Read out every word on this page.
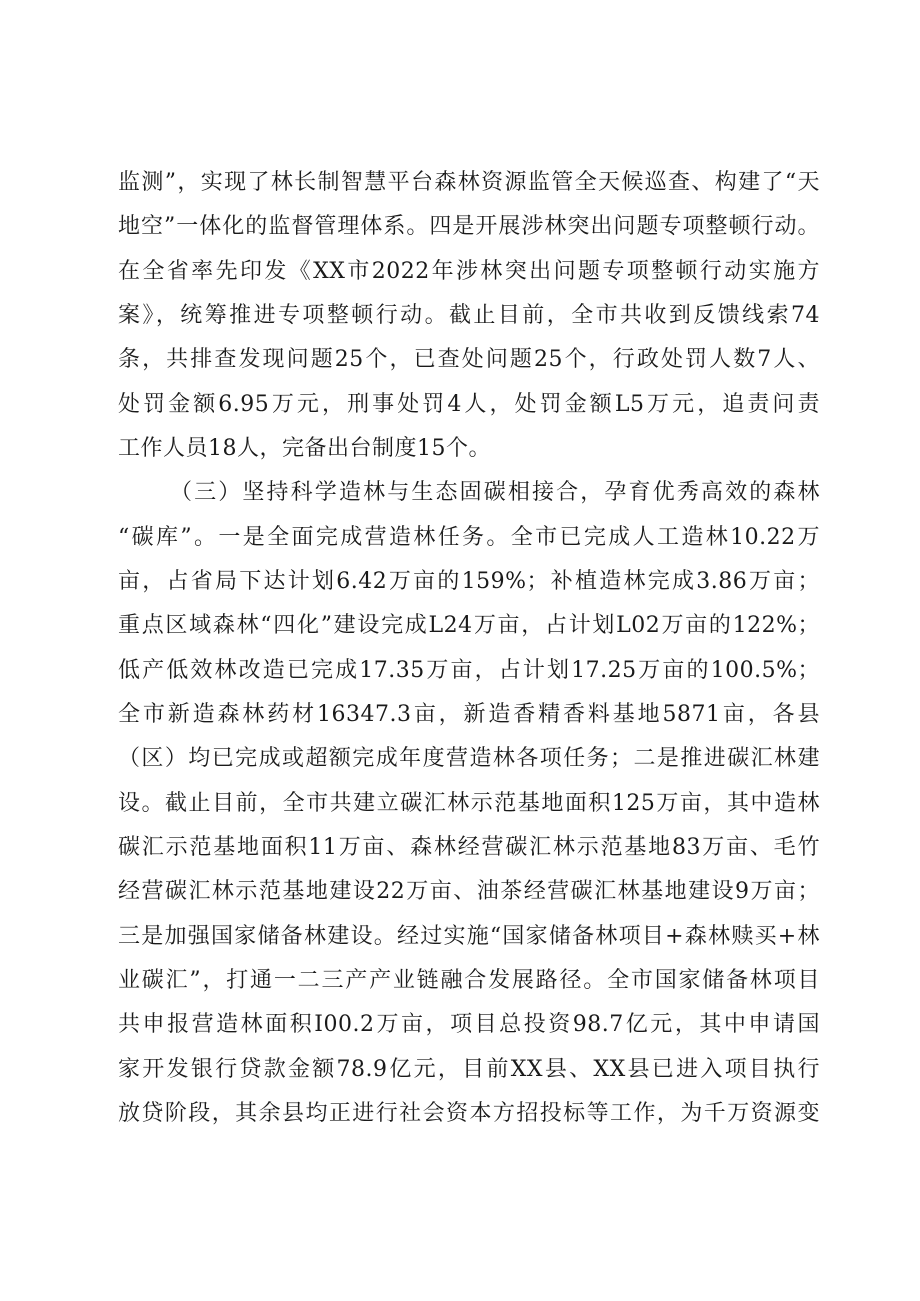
监测”，实现了林长制智慧平台森林资源监管全天候巡查、构建了“天
地空”一体化的监督管理体系。四是开展涉林突出问题专项整顿行动。
在全省率先印发《XX市2022年涉林突出问题专项整顿行动实施方
案》，统筹推进专项整顿行动。截止目前，全市共收到反馈线索74
条，共排查发现问题25个，已查处问题25个，行政处罚人数7人、
处罚金额6.95万元，刑事处罚4人，处罚金额L5万元，追责问责
工作人员18人，完备出台制度15个。
（三）坚持科学造林与生态固碳相接合，孕育优秀高效的森林
“碳库”。一是全面完成营造林任务。全市已完成人工造林10.22万
亩，占省局下达计划6.42万亩的159%；补植造林完成3.86万亩；
重点区域森林“四化”建设完成L24万亩，占计划L02万亩的122%；
低产低效林改造已完成17.35万亩，占计划17.25万亩的100.5%；
全市新造森林药材16347.3亩，新造香精香料基地5871亩，各县
（区）均已完成或超额完成年度营造林各项任务；二是推进碳汇林建
设。截止目前，全市共建立碳汇林示范基地面积125万亩，其中造林
碳汇示范基地面积11万亩、森林经营碳汇林示范基地83万亩、毛竹
经营碳汇林示范基地建设22万亩、油茶经营碳汇林基地建设9万亩；
三是加强国家储备林建设。经过实施“国家储备林项目+森林赎买+林
业碳汇”，打通一二三产产业链融合发展路径。全市国家储备林项目
共申报营造林面积I00.2万亩，项目总投资98.7亿元，其中申请国
家开发银行贷款金额78.9亿元，目前XX县、XX县已进入项目执行
放贷阶段，其余县均正进行社会资本方招投标等工作，为千万资源变
